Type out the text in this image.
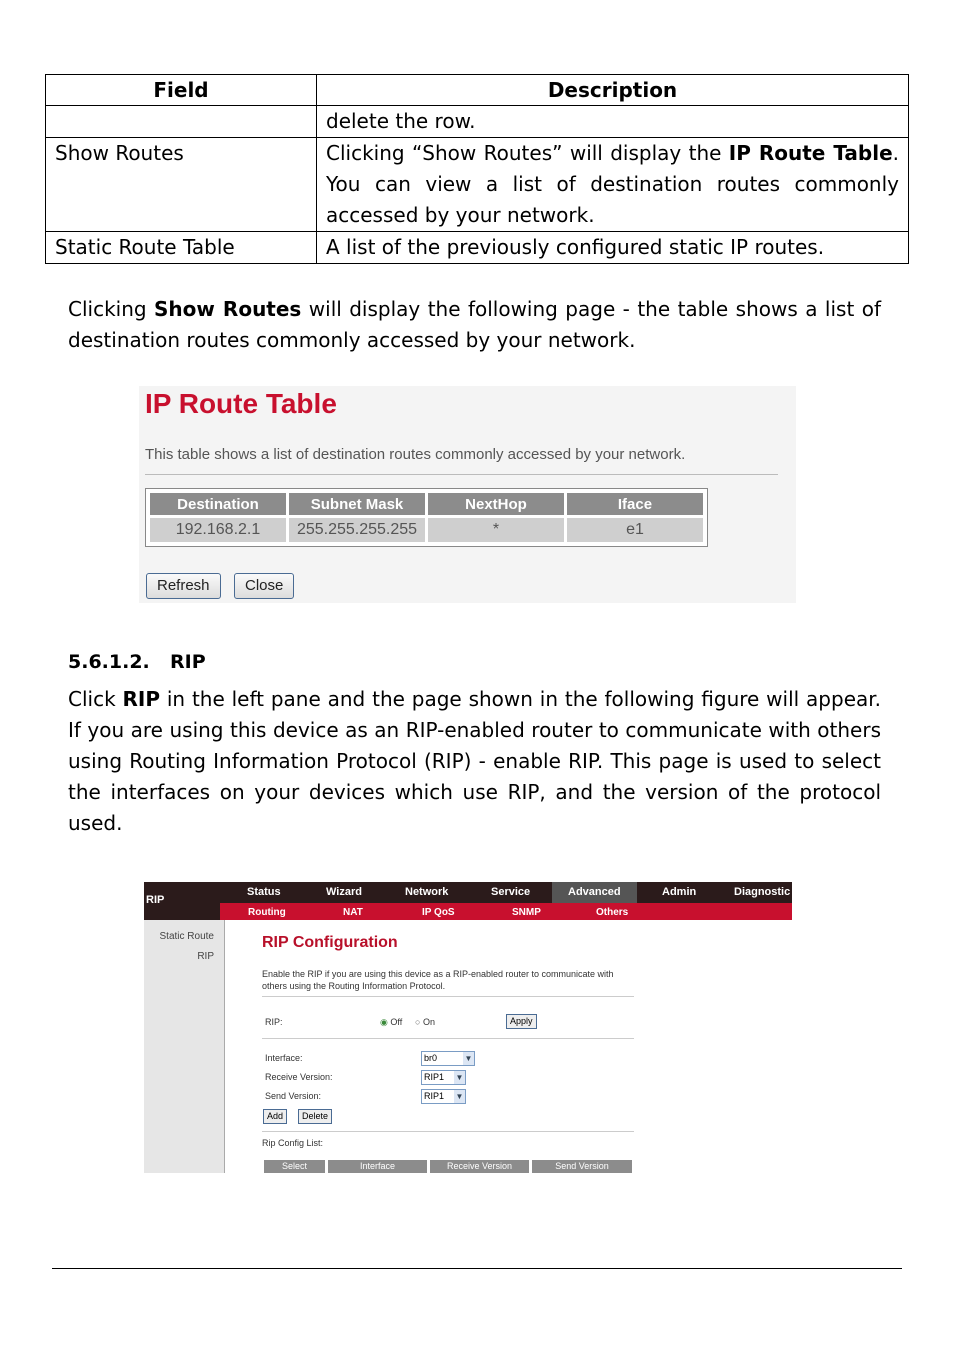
Field	Description
	delete the row.
Show Routes	Clicking “Show Routes” will display the IP Route Table. You can view a list of destination routes commonly accessed by your network.
Static Route Table	A list of the previously configured static IP routes.
Clicking Show Routes will display the following page - the table shows a list of destination routes commonly accessed by your network.
IP Route Table
This table shows a list of destination routes commonly accessed by your network.
Destination	Subnet Mask	NextHop	Iface
192.168.2.1	255.255.255.255	*	e1
Refresh	Close
5.6.1.2. RIP
Click RIP in the left pane and the page shown in the following figure will appear. If you are using this device as an RIP-enabled router to communicate with others using Routing Information Protocol (RIP) - enable RIP. This page is used to select the interfaces on your devices which use RIP, and the version of the protocol used.
RIP
Status	Wizard	Network	Service	Advanced	Admin	Diagnostic
Routing	NAT	IP QoS	SNMP	Others
Static Route
RIP
RIP Configuration
Enable the RIP if you are using this device as a RIP-enabled router to communicate with others using the Routing Information Protocol.
RIP:	◉ Off ○ On	Apply
Interface:	br0	▼
Receive Version:	RIP1 ▼
Send Version:	RIP1 ▼
Add	Delete
Rip Config List:
Select	Interface	Receive Version	Send Version
